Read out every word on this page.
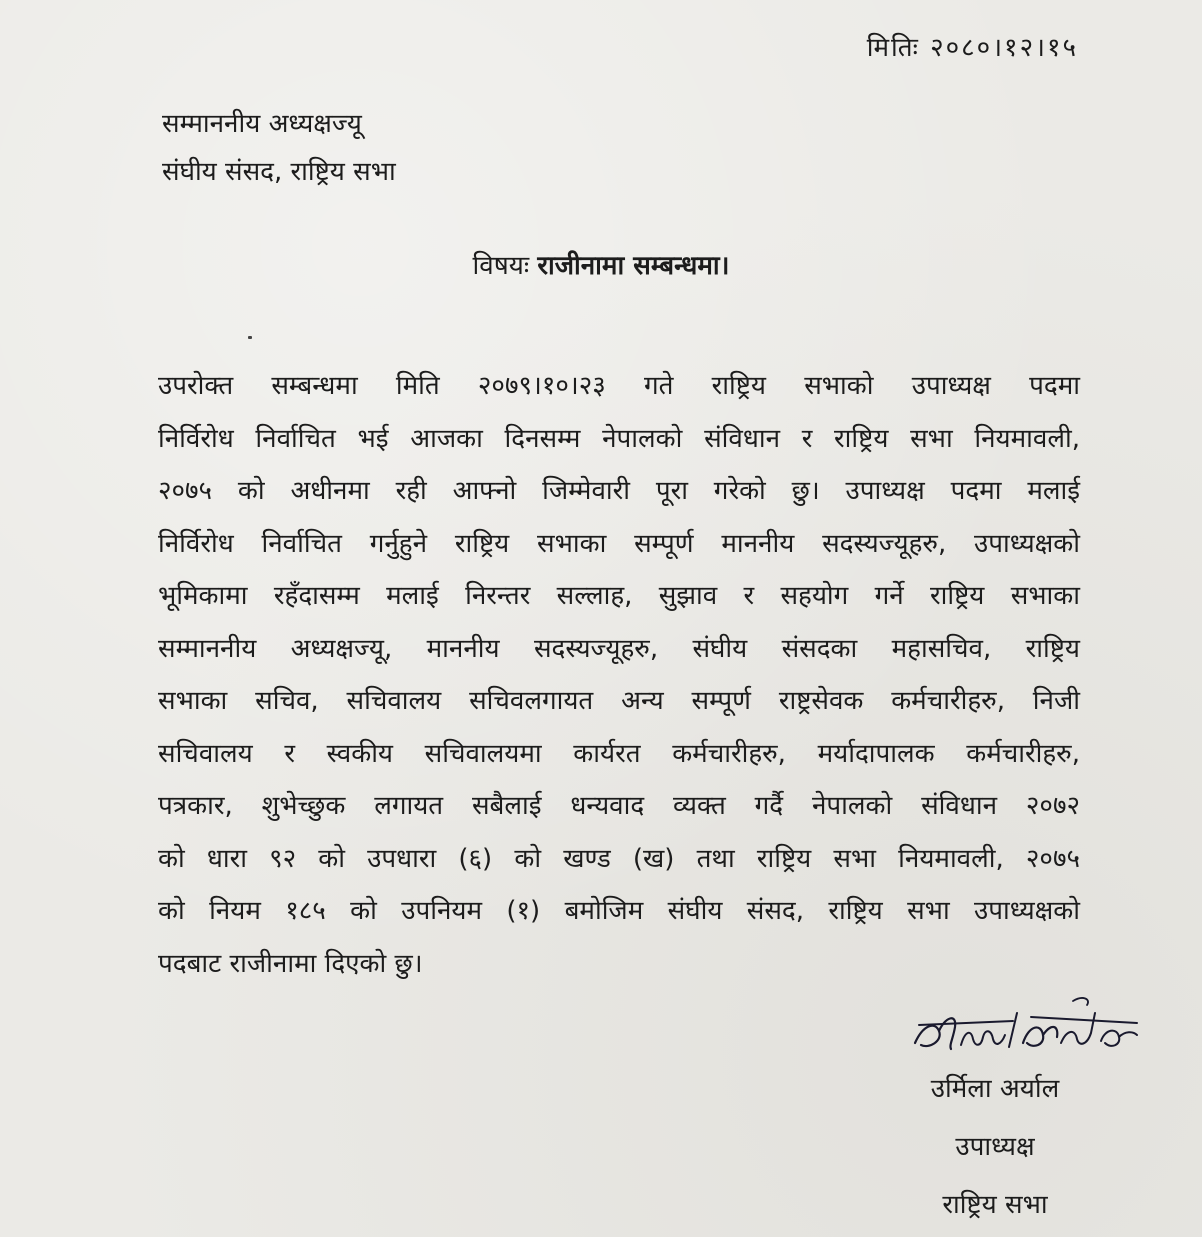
मितिः २०८०।१२।१५
सम्माननीय अध्यक्षज्यू
संघीय संसद, राष्ट्रिय सभा
विषयः राजीनामा सम्बन्धमा।
उपरोक्त सम्बन्धमा मिति २०७९।१०।२३ गते राष्ट्रिय सभाको उपाध्यक्ष पदमा
निर्विरोध निर्वाचित भई आजका दिनसम्म नेपालको संविधान र राष्ट्रिय सभा नियमावली,
२०७५ को अधीनमा रही आफ्नो जिम्मेवारी पूरा गरेको छु। उपाध्यक्ष पदमा मलाई
निर्विरोध निर्वाचित गर्नुहुने राष्ट्रिय सभाका सम्पूर्ण माननीय सदस्यज्यूहरु, उपाध्यक्षको
भूमिकामा रहँदासम्म मलाई निरन्तर सल्लाह, सुझाव र सहयोग गर्ने राष्ट्रिय सभाका
सम्माननीय अध्यक्षज्यू, माननीय सदस्यज्यूहरु, संघीय संसदका महासचिव, राष्ट्रिय
सभाका सचिव, सचिवालय सचिवलगायत अन्य सम्पूर्ण राष्ट्रसेवक कर्मचारीहरु, निजी
सचिवालय र स्वकीय सचिवालयमा कार्यरत कर्मचारीहरु, मर्यादापालक कर्मचारीहरु,
पत्रकार, शुभेच्छुक लगायत सबैलाई धन्यवाद व्यक्त गर्दै नेपालको संविधान २०७२
को धारा ९२ को उपधारा (६) को खण्ड (ख) तथा राष्ट्रिय सभा नियमावली, २०७५
को नियम १८५ को उपनियम (१) बमोजिम संघीय संसद, राष्ट्रिय सभा उपाध्यक्षको
पदबाट राजीनामा दिएको छु।
उर्मिला अर्याल
उपाध्यक्ष
राष्ट्रिय सभा
